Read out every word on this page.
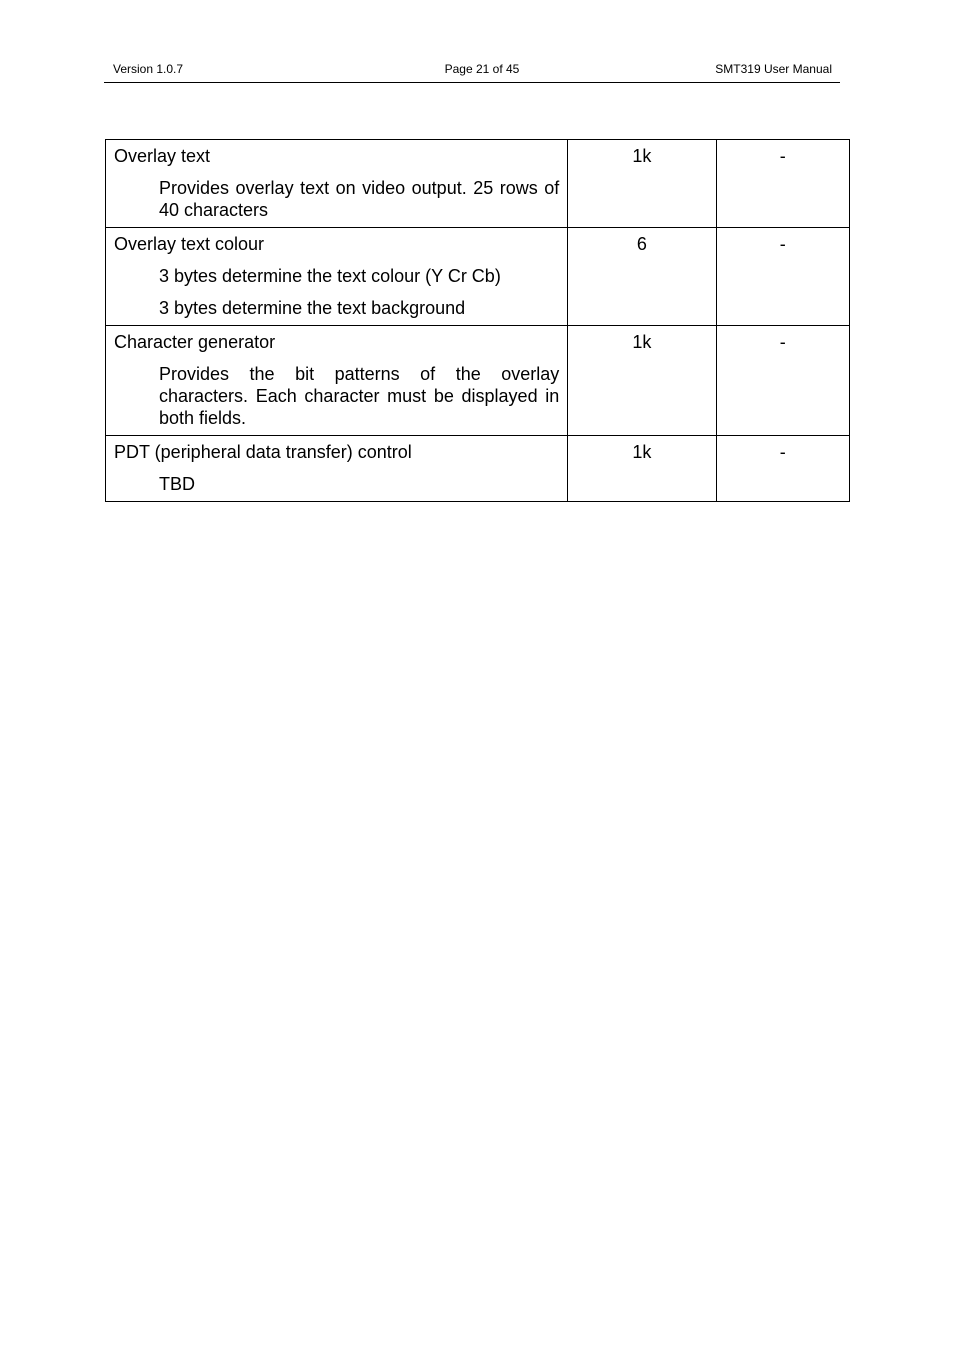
Version 1.0.7	Page 21 of 45	SMT319 User Manual

Overlay text

Provides overlay text on video output. 25 rows of 40 characters	1k	-

Overlay text colour

3 bytes determine the text colour (Y Cr Cb)

3 bytes determine the text background	6	-

Character generator

Provides the bit patterns of the overlay characters. Each character must be displayed in both fields.	1k	-

PDT (peripheral data transfer) control

TBD	1k	-
